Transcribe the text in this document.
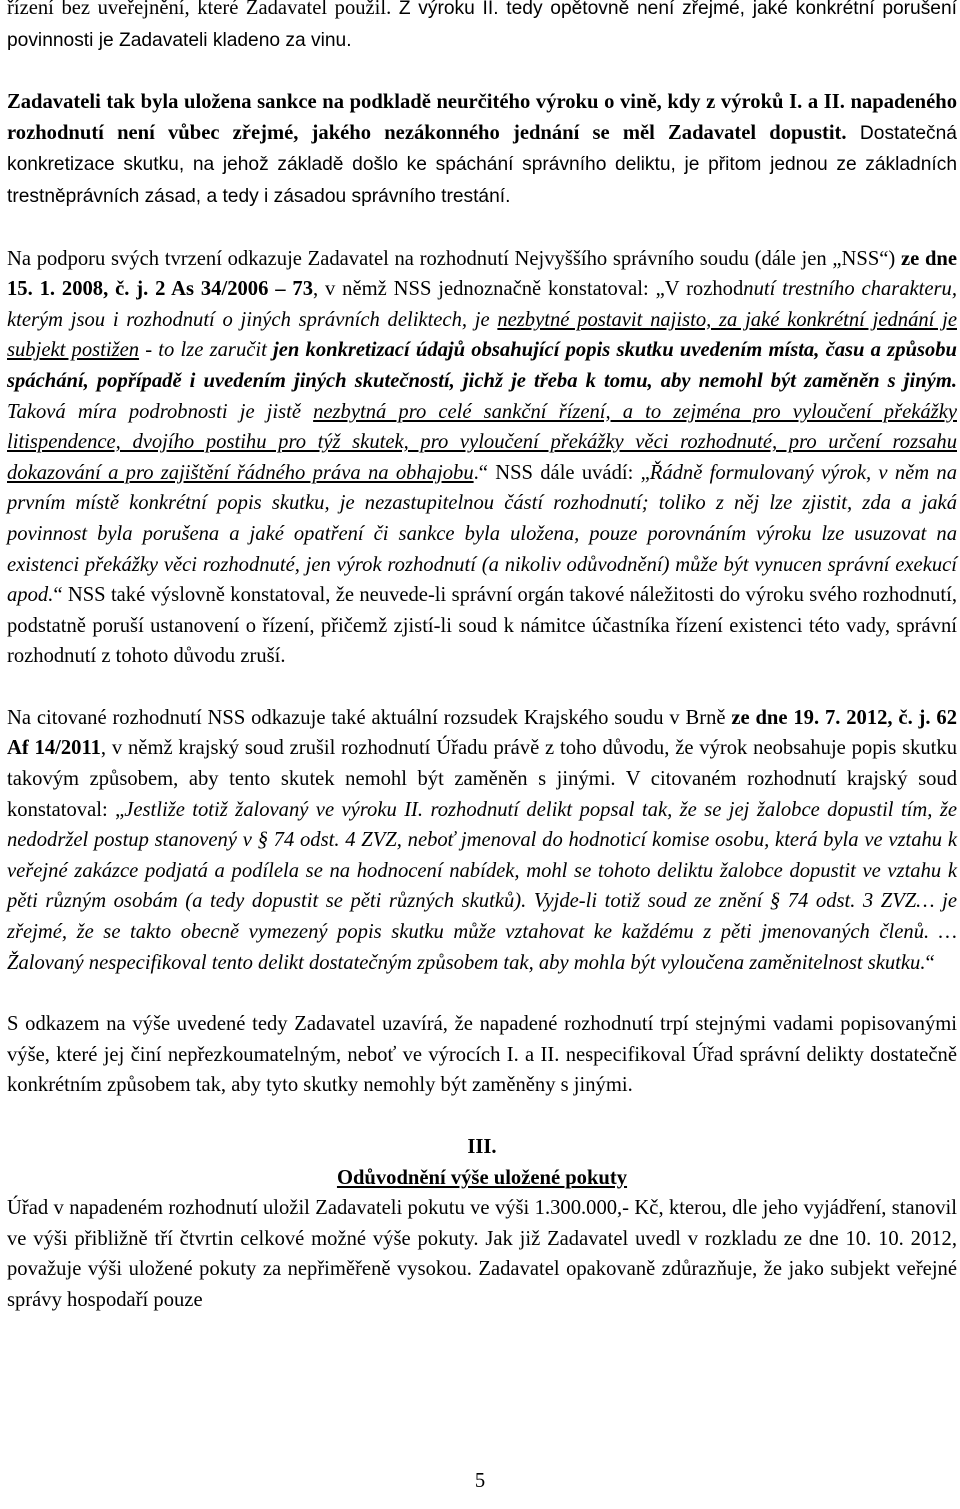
řízení bez uveřejnění, které Zadavatel použil. Z výroku II. tedy opětovně není zřejmé, jaké konkrétní porušení povinnosti je Zadavateli kladeno za vinu.

Zadavateli tak byla uložena sankce na podkladě neurčitého výroku o vině, kdy z výroků I. a II. napadeného rozhodnutí není vůbec zřejmé, jakého nezákonného jednání se měl Zadavatel dopustit. Dostatečná konkretizace skutku, na jehož základě došlo ke spáchání správního deliktu, je přitom jednou ze základních trestněprávních zásad, a tedy i zásadou správního trestání.

Na podporu svých tvrzení odkazuje Zadavatel na rozhodnutí Nejvyššího správního soudu (dále jen „NSS“) ze dne 15. 1. 2008, č. j. 2 As 34/2006 – 73, v němž NSS jednoznačně konstatoval: „V rozhodnutí trestního charakteru, kterým jsou i rozhodnutí o jiných správních deliktech, je nezbytné postavit najisto, za jaké konkrétní jednání je subjekt postižen - to lze zaručit jen konkretizací údajů obsahující popis skutku uvedením místa, času a způsobu spáchání, popřípadě i uvedením jiných skutečností, jichž je třeba k tomu, aby nemohl být zaměněn s jiným. Taková míra podrobnosti je jistě nezbytná pro celé sankční řízení, a to zejména pro vyloučení překážky litispendence, dvojího postihu pro týž skutek, pro vyloučení překážky věci rozhodnuté, pro určení rozsahu dokazování a pro zajištění řádného práva na obhajobu.“ NSS dále uvádí: „Řádně formulovaný výrok, v něm na prvním místě konkrétní popis skutku, je nezastupitelnou částí rozhodnutí; toliko z něj lze zjistit, zda a jaká povinnost byla porušena a jaké opatření či sankce byla uložena, pouze porovnáním výroku lze usuzovat na existenci překážky věci rozhodnuté, jen výrok rozhodnutí (a nikoliv odůvodnění) může být vynucen správní exekucí apod.“ NSS také výslovně konstatoval, že neuvede-li správní orgán takové náležitosti do výroku svého rozhodnutí, podstatně poruší ustanovení o řízení, přičemž zjistí-li soud k námitce účastníka řízení existenci této vady, správní rozhodnutí z tohoto důvodu zruší.

Na citované rozhodnutí NSS odkazuje také aktuální rozsudek Krajského soudu v Brně ze dne 19. 7. 2012, č. j. 62 Af 14/2011, v němž krajský soud zrušil rozhodnutí Úřadu právě z toho důvodu, že výrok neobsahuje popis skutku takovým způsobem, aby tento skutek nemohl být zaměněn s jinými. V citovaném rozhodnutí krajský soud konstatoval: „Jestliže totiž žalovaný ve výroku II. rozhodnutí delikt popsal tak, že se jej žalobce dopustil tím, že nedodržel postup stanovený v § 74 odst. 4 ZVZ, neboť jmenoval do hodnoticí komise osobu, která byla ve vztahu k veřejné zakázce podjatá a podílela se na hodnocení nabídek, mohl se tohoto deliktu žalobce dopustit ve vztahu k pěti různým osobám (a tedy dopustit se pěti různých skutků). Vyjde-li totiž soud ze znění § 74 odst. 3 ZVZ… je zřejmé, že se takto obecně vymezený popis skutku může vztahovat ke každému z pěti jmenovaných členů. … Žalovaný nespecifikoval tento delikt dostatečným způsobem tak, aby mohla být vyloučena zaměnitelnost skutku.“

S odkazem na výše uvedené tedy Zadavatel uzavírá, že napadené rozhodnutí trpí stejnými vadami popisovanými výše, které jej činí nepřezkoumatelným, neboť ve výrocích I. a II. nespecifikoval Úřad správní delikty dostatečně konkrétním způsobem tak, aby tyto skutky nemohly být zaměněny s jinými.

III.

Odůvodnění výše uložené pokuty

Úřad v napadeném rozhodnutí uložil Zadavateli pokutu ve výši 1.300.000,- Kč, kterou, dle jeho vyjádření, stanovil ve výši přibližně tří čtvrtin celkové možné výše pokuty. Jak již Zadavatel uvedl v rozkladu ze dne 10. 10. 2012, považuje výši uložené pokuty za nepřiměřeně vysokou. Zadavatel opakovaně zdůrazňuje, že jako subjekt veřejné správy hospodaří pouze

5
